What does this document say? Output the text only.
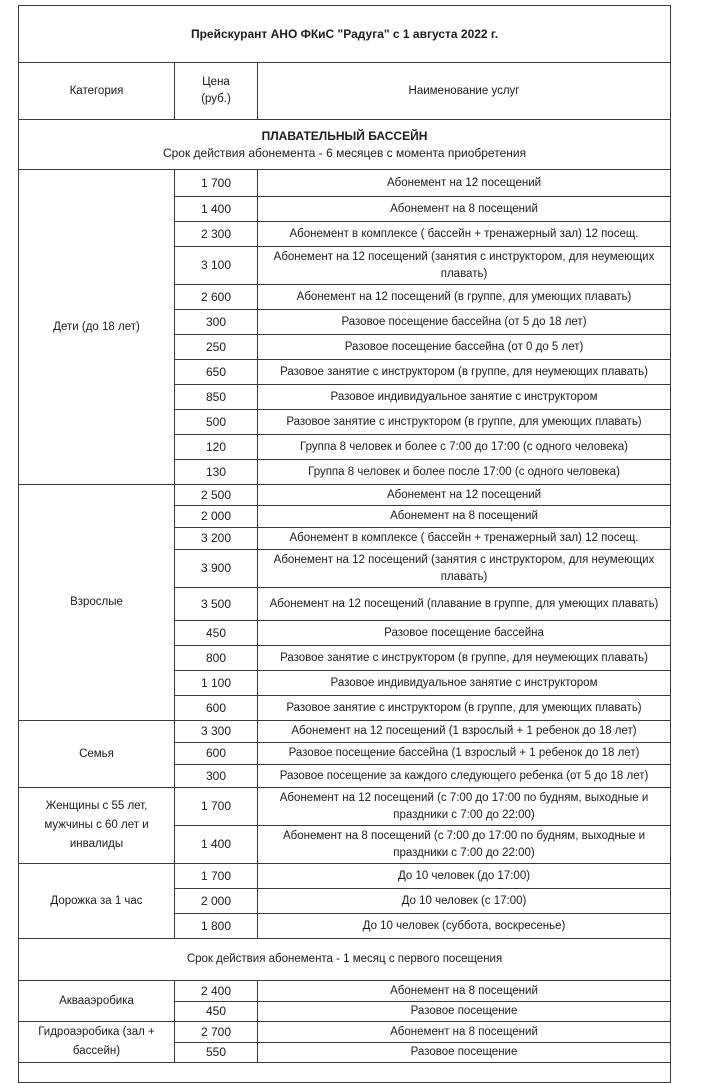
Прейскурант АНО ФКиС "Радуга" с 1 августа 2022 г.		
Категория	Цена (руб.)	Наименование услуг

ПЛАВАТЕЛЬНЫЙ БАССЕЙН
Срок действия абонемента - 6 месяцев с момента приобретения		

Дети (до 18 лет)	1 700	Абонемент на 12 посещений
	1 400	Абонемент на 8 посещений
	2 300	Абонемент в комплексе ( бассейн + тренажерный зал) 12 посещ.
	3 100	Абонемент на 12 посещений (занятия с инструктором, для неумеющих плавать)
	2 600	Абонемент на 12 посещений (в группе, для умеющих плавать)
	300	Разовое посещение бассейна (от 5 до 18 лет)
	250	Разовое посещение бассейна (от 0 до 5 лет)
	650	Разовое занятие с инструктором (в группе, для неумеющих плавать)
	850	Разовое индивидуальное занятие с инструктором
	500	Разовое занятие с инструктором (в группе, для умеющих плавать)
	120	Группа 8 человек и более с 7:00 до 17:00 (с одного человека)
	130	Группа 8 человек и более после 17:00 (с одного человека)
Взрослые	2 500	Абонемент на 12 посещений
	2 000	Абонемент на 8 посещений
	3 200	Абонемент в комплексе ( бассейн + тренажерный зал) 12 посещ.
	3 900	Абонемент на 12 посещений (занятия с инструктором, для неумеющих плавать)
	3 500	Абонемент на 12 посещений (плавание в группе, для умеющих плавать)
	450	Разовое посещение бассейна
	800	Разовое занятие с инструктором (в группе, для неумеющих плавать)
	1 100	Разовое индивидуальное занятие с инструктором
	600	Разовое занятие с инструктором (в группе, для умеющих плавать)
Семья	3 300	Абонемент на 12 посещений (1 взрослый + 1 ребенок до 18 лет)
	600	Разовое посещение бассейна (1 взрослый + 1 ребенок до 18 лет)
	300	Разовое посещение за каждого следующего ребенка (от 5 до 18 лет)
Женщины с 55 лет, мужчины с 60 лет и инвалиды	1 700	Абонемент на 12 посещений (с 7:00 до 17:00 по будням, выходные и праздники с 7:00 до 22:00)
	1 400	Абонемент на 8 посещений (с 7:00 до 17:00 по будням, выходные и праздники с 7:00 до 22:00)
Дорожка за 1 час	1 700	До 10 человек (до 17:00)
	2 000	До 10 человек (с 17:00)
	1 800	До 10 человек (суббота, воскресенье)
Срок действия абонемента - 1 месяц с первого посещения		
Аквааэробика	2 400	Абонемент на 8 посещений
	450	Разовое посещение
Гидроаэробика (зал + бассейн)	2 700	Абонемент на 8 посещений
	550	Разовое посещение
